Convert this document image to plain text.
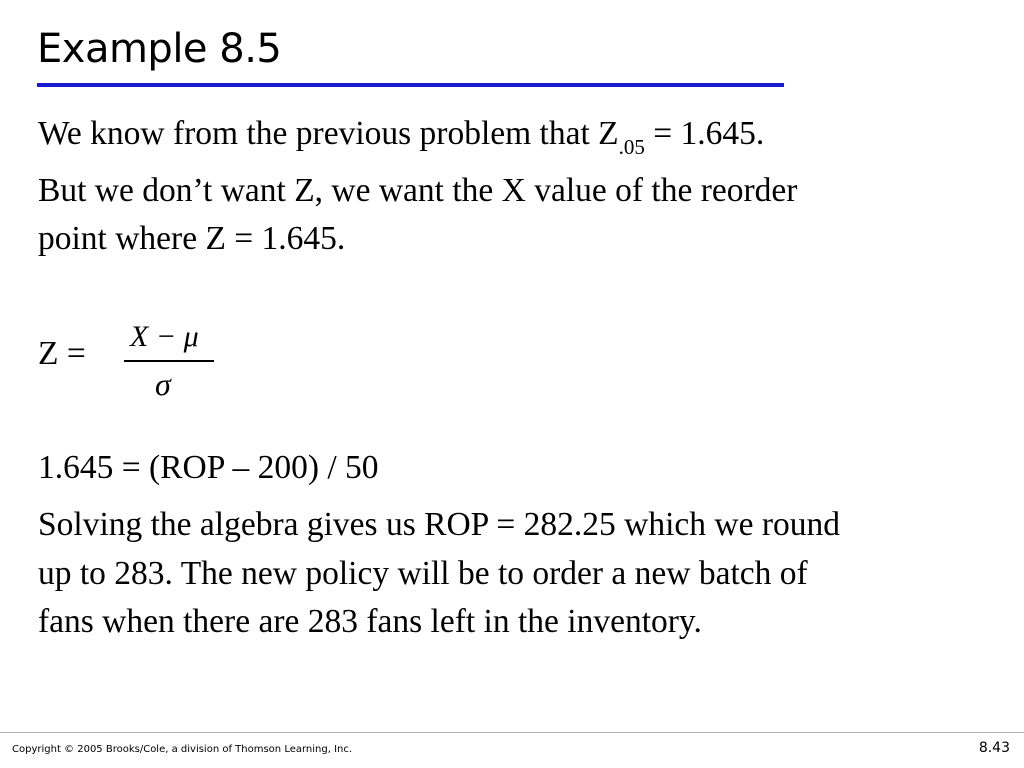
Example 8.5
We know from the previous problem that $Z_{.05} = 1.645$.
But we don’t want Z, we want the X value of the reorder
point where Z = 1.645.
Z = X − μ
σ
1.645 = (ROP – 200) / 50
Solving the algebra gives us ROP = 282.25 which we round
up to 283. The new policy will be to order a new batch of
fans when there are 283 fans left in the inventory.
Copyright © 2005 Brooks/Cole, a division of Thomson Learning, Inc.	8.43
